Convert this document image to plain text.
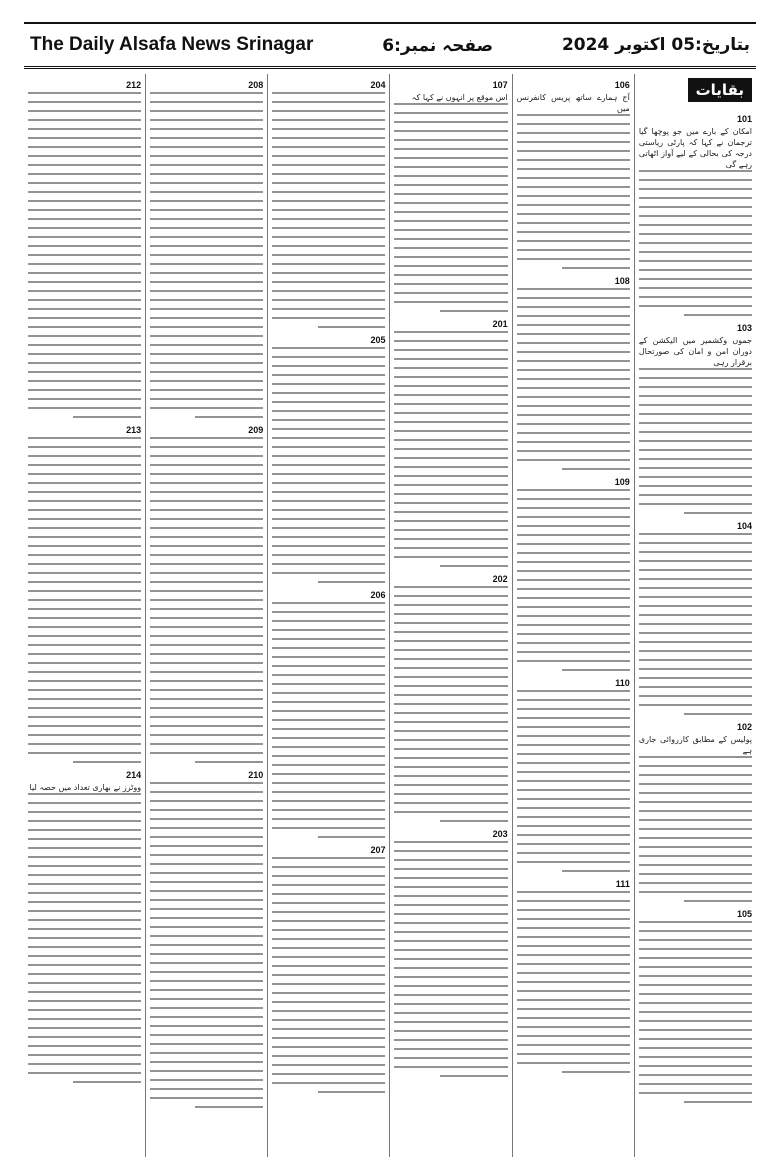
The Daily Alsafa News Srinagar	صفحہ نمبر:6	بتاریخ:05 اکتوبر 2024
بقایات
101
امکان کے بارے میں جو پوچھا گیا ترجمان نے کہا کہ پارٹی ریاستی درجہ کی بحالی کے لیے آواز اٹھاتی رہے گی
103
جموں وکشمیر میں الیکشن کے دوران امن و امان کی صورتحال برقرار رہی
104
102
پولیس کے مطابق کارروائی جاری ہے
105
106
آج ہمارے ساتھ پریس کانفرنس میں
108
109
110
111
107
اس موقع پر انہوں نے کہا کہ
201
202
203
204
205
206
207
208
209
210
212
213
214
ووٹرز نے بھاری تعداد میں حصہ لیا
